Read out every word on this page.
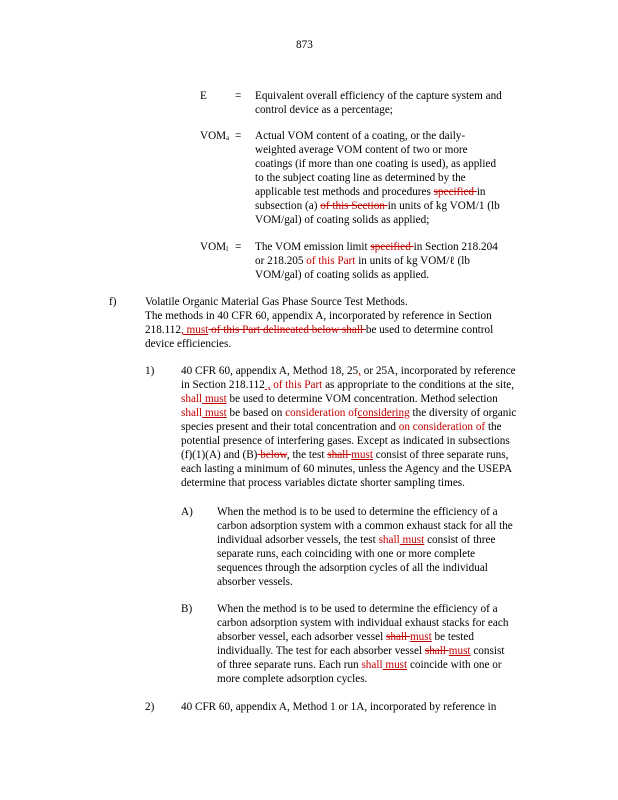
873
E	= Equivalent overall efficiency of the capture system and
control device as a percentage;
$VOM_a$ = Actual VOM content of a coating, or the daily-
weighted average VOM content of two or more
coatings (if more than one coating is used), as applied
to the subject coating line as determined by the
applicable test methods and procedures specified in
subsection (a) of this Section in units of kg VOM/1 (lb
VOM/gal) of coating solids as applied;
$VOM_l$ = The VOM emission limit specified in Section 218.204
or 218.205 of this Part in units of kg VOM/ℓ (lb
VOM/gal) of coating solids as applied.
f)	Volatile Organic Material Gas Phase Source Test Methods.
The methods in 40 CFR 60, appendix A, incorporated by reference in Section
218.112, must of this Part delineated below shall be used to determine control
device efficiencies.
1) 40 CFR 60, appendix A, Method 18, 25, or 25A, incorporated by reference
in Section 218.112 , of this Part as appropriate to the conditions at the site,
shall must be used to determine VOM concentration. Method selection
shall must be based on consideration ofconsidering the diversity of organic
species present and their total concentration and on consideration of the
potential presence of interfering gases. Except as indicated in subsections
(f)(1)(A) and (B) below, the test shall must consist of three separate runs,
each lasting a minimum of 60 minutes, unless the Agency and the USEPA
determine that process variables dictate shorter sampling times.
A) When the method is to be used to determine the efficiency of a
carbon adsorption system with a common exhaust stack for all the
individual adsorber vessels, the test shall must consist of three
separate runs, each coinciding with one or more complete
sequences through the adsorption cycles of all the individual
absorber vessels.
B) When the method is to be used to determine the efficiency of a
carbon adsorption system with individual exhaust stacks for each
absorber vessel, each adsorber vessel shall must be tested
individually. The test for each absorber vessel shall must consist
of three separate runs. Each run shall must coincide with one or
more complete adsorption cycles.
2) 40 CFR 60, appendix A, Method 1 or 1A, incorporated by reference in
